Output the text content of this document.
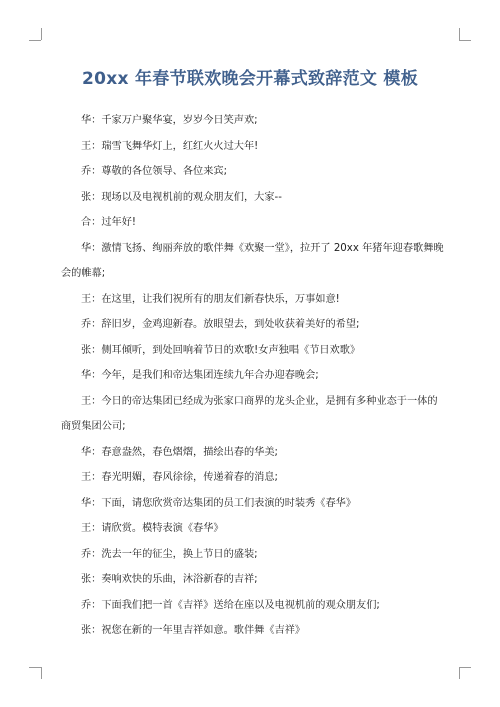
20xx 年春节联欢晚会开幕式致辞范文 模板

华：千家万户聚华宴，岁岁今日笑声欢;

王：瑞雪飞舞华灯上，红红火火过大年!

乔：尊敬的各位领导、各位来宾;

张：现场以及电视机前的观众朋友们，大家--

合：过年好!

华：激情飞扬、绚丽奔放的歌伴舞《欢聚一堂》，拉开了 20xx 年猪年迎春歌舞晚会的帷幕;

王：在这里，让我们祝所有的朋友们新春快乐，万事如意!

乔：辞旧岁，金鸡迎新春。放眼望去，到处收获着美好的希望;

张：侧耳倾听，到处回响着节日的欢歌!女声独唱《节日欢歌》

华：今年，是我们和帝达集团连续九年合办迎春晚会;

王：今日的帝达集团已经成为张家口商界的龙头企业，是拥有多种业态于一体的商贸集团公司;

华：春意盎然，春色熠熠，描绘出春的华美;

王：春光明媚，春风徐徐，传递着春的消息;

华：下面，请您欣赏帝达集团的员工们表演的时装秀《春华》

王：请欣赏。模特表演《春华》

乔：洗去一年的征尘，换上节日的盛装;

张：奏响欢快的乐曲，沐浴新春的吉祥;

乔：下面我们把一首《吉祥》送给在座以及电视机前的观众朋友们;

张：祝您在新的一年里吉祥如意。歌伴舞《吉祥》
